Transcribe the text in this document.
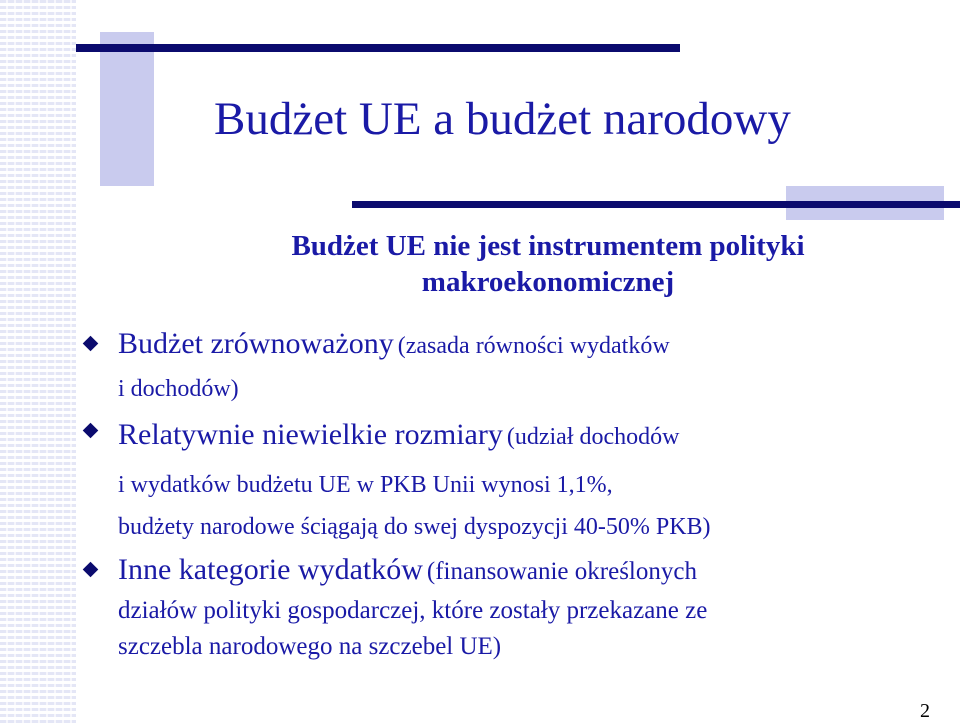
Budżet UE a budżet narodowy
Budżet UE nie jest instrumentem polityki
makroekonomicznej
Budżet zrównoważony (zasada równości wydatków
i dochodów)
Relatywnie niewielkie rozmiary (udział dochodów
i wydatków budżetu UE w PKB Unii wynosi 1,1%,
budżety narodowe ściągają do swej dyspozycji 40-50% PKB)
Inne kategorie wydatków (finansowanie określonych
działów polityki gospodarczej, które zostały przekazane ze
szczebla narodowego na szczebel UE)
2
